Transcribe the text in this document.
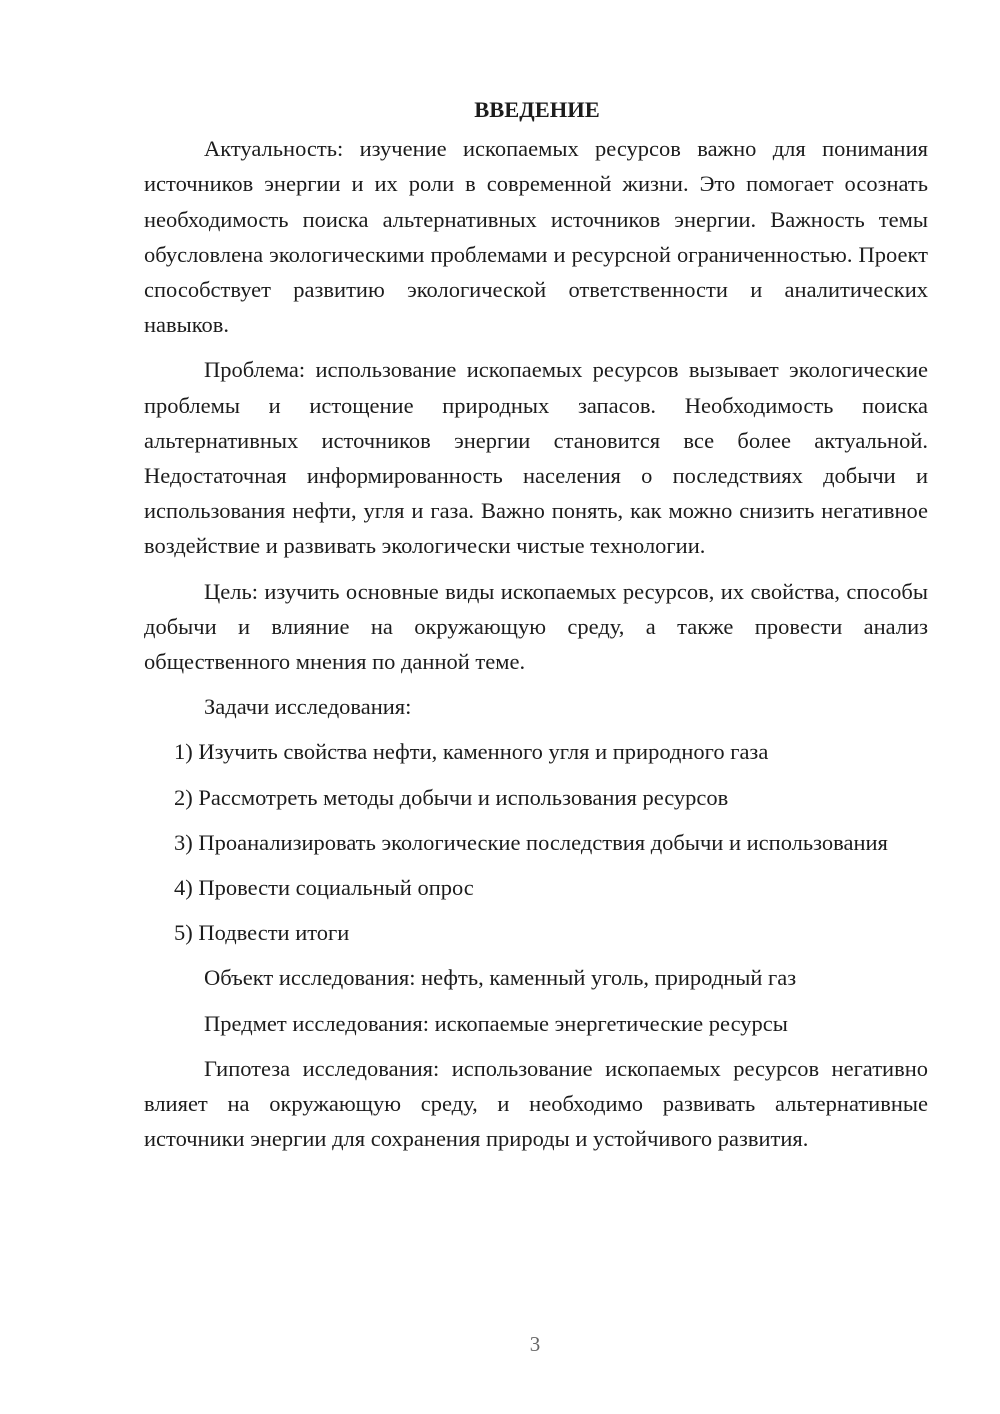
ВВЕДЕНИЕ

Актуальность: изучение ископаемых ресурсов важно для понимания источников энергии и их роли в современной жизни. Это помогает осознать необходимость поиска альтернативных источников энергии. Важность темы обусловлена экологическими проблемами и ресурсной ограниченностью. Проект способствует развитию экологической ответственности и аналитических навыков.

Проблема: использование ископаемых ресурсов вызывает экологические проблемы и истощение природных запасов. Необходимость поиска альтернативных источников энергии становится все более актуальной. Недостаточная информированность населения о последствиях добычи и использования нефти, угля и газа. Важно понять, как можно снизить негативное воздействие и развивать экологически чистые технологии.

Цель: изучить основные виды ископаемых ресурсов, их свойства, способы добычи и влияние на окружающую среду, а также провести анализ общественного мнения по данной теме.

Задачи исследования:

1) Изучить свойства нефти, каменного угля и природного газа

2) Рассмотреть методы добычи и использования ресурсов

3) Проанализировать экологические последствия добычи и использования

4) Провести социальный опрос

5) Подвести итоги

Объект исследования: нефть, каменный уголь, природный газ

Предмет исследования: ископаемые энергетические ресурсы

Гипотеза исследования: использование ископаемых ресурсов негативно влияет на окружающую среду, и необходимо развивать альтернативные источники энергии для сохранения природы и устойчивого развития.

3
